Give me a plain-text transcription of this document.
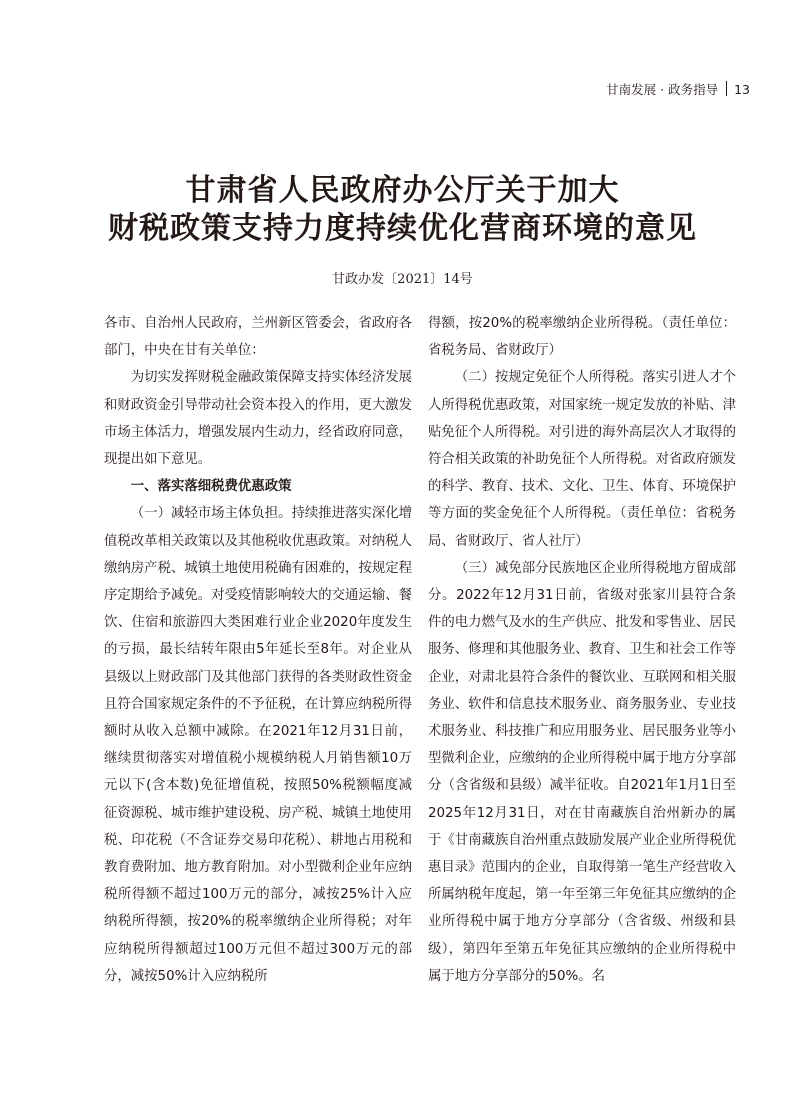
甘南发展 · 政务指导 13
甘肃省人民政府办公厅关于加大
财税政策支持力度持续优化营商环境的意见
甘政办发〔2021〕14号

各市、自治州人民政府，兰州新区管委会，省政府各部门，中央在甘有关单位：

为切实发挥财税金融政策保障支持实体经济发展和财政资金引导带动社会资本投入的作用，更大激发市场主体活力，增强发展内生动力，经省政府同意，现提出如下意见。

一、落实落细税费优惠政策

（一）减轻市场主体负担。持续推进落实深化增值税改革相关政策以及其他税收优惠政策。对纳税人缴纳房产税、城镇土地使用税确有困难的，按规定程序定期给予减免。对受疫情影响较大的交通运输、餐饮、住宿和旅游四大类困难行业企业2020年度发生的亏损，最长结转年限由5年延长至8年。对企业从县级以上财政部门及其他部门获得的各类财政性资金且符合国家规定条件的不予征税，在计算应纳税所得额时从收入总额中减除。在2021年12月31日前，继续贯彻落实对增值税小规模纳税人月销售额10万元以下(含本数)免征增值税，按照50%税额幅度减征资源税、城市维护建设税、房产税、城镇土地使用税、印花税（不含证券交易印花税）、耕地占用税和教育费附加、地方教育附加。对小型微利企业年应纳税所得额不超过100万元的部分，减按25%计入应纳税所得额，按20%的税率缴纳企业所得税；对年应纳税所得额超过100万元但不超过300万元的部分，减按50%计入应纳税所

得额，按20%的税率缴纳企业所得税。（责任单位：省税务局、省财政厅）

（二）按规定免征个人所得税。落实引进人才个人所得税优惠政策，对国家统一规定发放的补贴、津贴免征个人所得税。对引进的海外高层次人才取得的符合相关政策的补助免征个人所得税。对省政府颁发的科学、教育、技术、文化、卫生、体育、环境保护等方面的奖金免征个人所得税。（责任单位：省税务局、省财政厅、省人社厅）

（三）减免部分民族地区企业所得税地方留成部分。2022年12月31日前，省级对张家川县符合条件的电力燃气及水的生产供应、批发和零售业、居民服务、修理和其他服务业、教育、卫生和社会工作等企业，对肃北县符合条件的餐饮业、互联网和相关服务业、软件和信息技术服务业、商务服务业、专业技术服务业、科技推广和应用服务业、居民服务业等小型微利企业，应缴纳的企业所得税中属于地方分享部分（含省级和县级）减半征收。自2021年1月1日至2025年12月31日，对在甘南藏族自治州新办的属于《甘南藏族自治州重点鼓励发展产业企业所得税优惠目录》范围内的企业，自取得第一笔生产经营收入所属纳税年度起，第一年至第三年免征其应缴纳的企业所得税中属于地方分享部分（含省级、州级和县级），第四年至第五年免征其应缴纳的企业所得税中属于地方分享部分的50%。名
